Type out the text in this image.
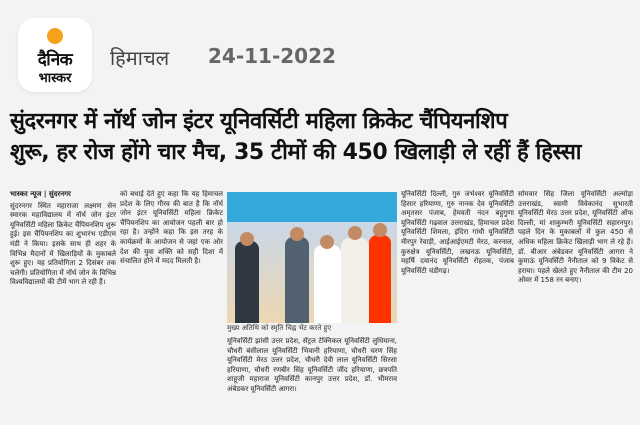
दैनिक
भास्कर
हिमाचल 24-11-2022
सुंदरनगर में नॉर्थ जोन इंटर यूनिवर्सिटी महिला क्रिकेट चैंपियनशिप
शुरू, हर रोज होंगे चार मैच, 35 टीमों की 450 खिलाड़ी ले रहीं हैं हिस्सा
भास्कर न्यूज | सुंदरनगर
सुंदरनगर स्थित महाराजा लक्ष्मण सेन स्मारक महाविद्यालय में नॉर्थ जोन इंटर यूनिवर्सिटी महिला क्रिकेट चैंपियनशिप शुरू हुई। इस चैंपियनशिप का शुभारंभ एडीएम मंडी ने किया। इसके साथ ही शहर के विभिन्न मैदानों में खिलाड़ियों के मुकाबले शुरू हुए। यह प्रतियोगिता 2 दिसंबर तक चलेगी। प्रतियोगिता में नॉर्थ जोन के विभिन्न विश्वविद्यालयों की टीमें भाग ले रही हैं।
को बधाई देते हुए कहा कि यह हिमाचल प्रदेश के लिए गौरव की बात है कि नॉर्थ जोन इंटर यूनिवर्सिटी महिला क्रिकेट चैंपियनशिप का आयोजन पहली बार हो रहा है। उन्होंने कहा कि इस तरह के कार्यक्रमों के आयोजन से जहां एक ओर देश की युवा शक्ति को सही दिशा में संचालित होने में मदद मिलती है।
मुख्य अतिथि को स्मृति चिह्न भेंट करते हुए
यूनिवर्सिटी झांसी उत्तर प्रदेश, सेंट्रल टेक्निकल यूनिवर्सिटी लुधियाना, चौधरी बंसीलाल यूनिवर्सिटी भिवानी हरियाणा, चौधरी चरण सिंह यूनिवर्सिटी मेरठ उत्तर प्रदेश, चौधरी देवी लाल यूनिवर्सिटी सिरसा हरियाणा, चौधरी रणबीर सिंह यूनिवर्सिटी जींद हरियाणा, छत्रपति शाहूजी महाराज यूनिवर्सिटी कानपुर उत्तर प्रदेश, डॉ. भीमराव अंबेडकर यूनिवर्सिटी आगरा।
यूनिवर्सिटी दिल्ली, गुरु जंभेश्वर यूनिवर्सिटी हिसार हरियाणा, गुरु नानक देव यूनिवर्सिटी अमृतसर पंजाब, हेमवती नंदन बहुगुणा यूनिवर्सिटी गढ़वाल उत्तराखंड, हिमाचल प्रदेश यूनिवर्सिटी शिमला, इंदिरा गांधी यूनिवर्सिटी मीरपुर रेवाड़ी, आईआईएमटी मेरठ, करनाल, कुरुक्षेत्र यूनिवर्सिटी, लखनऊ यूनिवर्सिटी, महर्षि दयानंद यूनिवर्सिटी रोहतक, पंजाब यूनिवर्सिटी चंडीगढ़।
सोमवार सिंह जिला यूनिवर्सिटी अल्मोड़ा उत्तराखंड, स्वामी विवेकानंद सुभारती यूनिवर्सिटी मेरठ उत्तर प्रदेश, यूनिवर्सिटी ऑफ दिल्ली, मां शाकुम्भरी यूनिवर्सिटी सहारनपुर। पहले दिन के मुकाबलों में कुल 450 से अधिक महिला क्रिकेट खिलाड़ी भाग ले रहे हैं। डॉ. बीआर अंबेडकर यूनिवर्सिटी आगरा ने कुमाऊं यूनिवर्सिटी नैनीताल को 9 विकेट से हराया। पहले खेलते हुए नैनीताल की टीम 20 ओवर में 158 रन बनाए।
